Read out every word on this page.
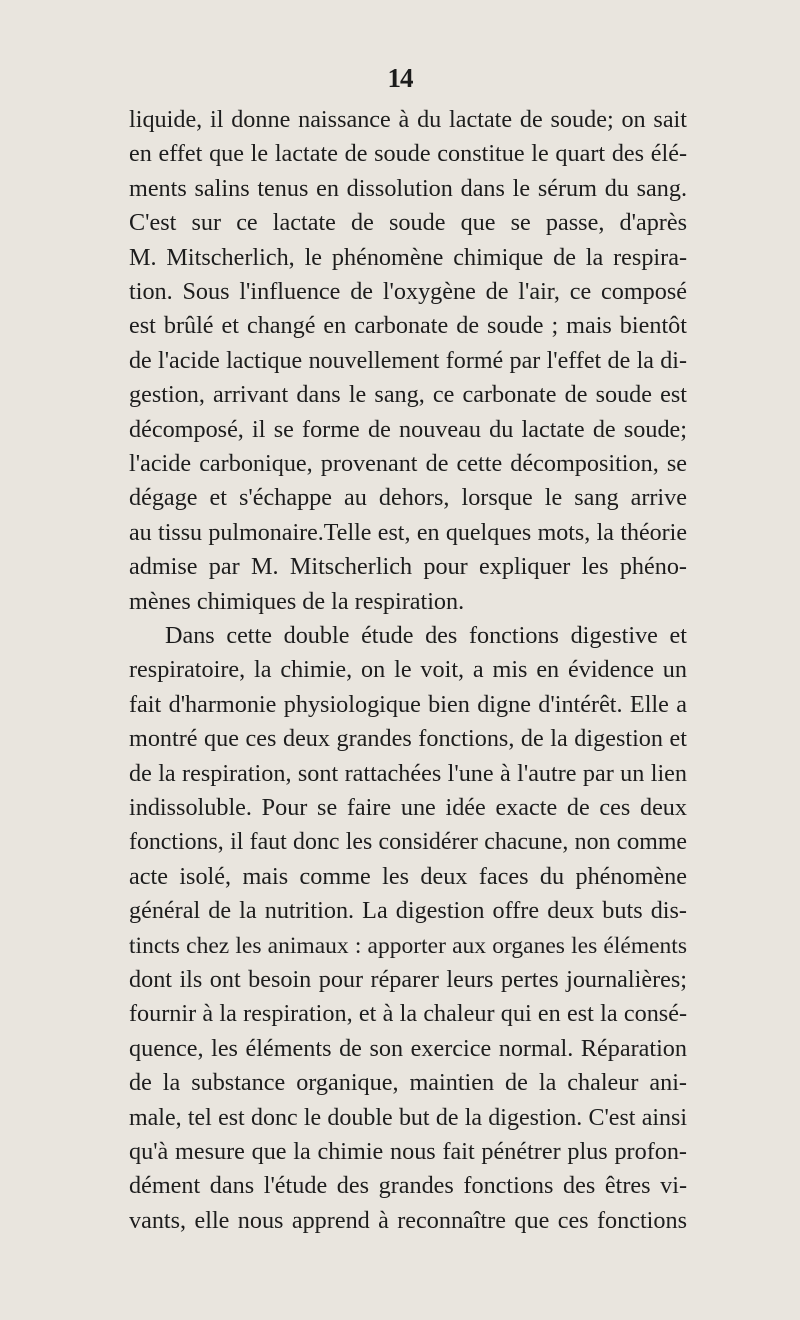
14
liquide, il donne naissance à du lactate de soude; on sait
en effet que le lactate de soude constitue le quart des élé-
ments salins tenus en dissolution dans le sérum du sang.
C'est sur ce lactate de soude que se passe, d'après
M. Mitscherlich, le phénomène chimique de la respira-
tion. Sous l'influence de l'oxygène de l'air, ce composé
est brûlé et changé en carbonate de soude ; mais bientôt
de l'acide lactique nouvellement formé par l'effet de la di-
gestion, arrivant dans le sang, ce carbonate de soude est
décomposé, il se forme de nouveau du lactate de soude;
l'acide carbonique, provenant de cette décomposition, se
dégage et s'échappe au dehors, lorsque le sang arrive
au tissu pulmonaire.Telle est, en quelques mots, la théorie
admise par M. Mitscherlich pour expliquer les phéno-
mènes chimiques de la respiration.
Dans cette double étude des fonctions digestive et
respiratoire, la chimie, on le voit, a mis en évidence un
fait d'harmonie physiologique bien digne d'intérêt. Elle a
montré que ces deux grandes fonctions, de la digestion et
de la respiration, sont rattachées l'une à l'autre par un lien
indissoluble. Pour se faire une idée exacte de ces deux
fonctions, il faut donc les considérer chacune, non comme
acte isolé, mais comme les deux faces du phénomène
général de la nutrition. La digestion offre deux buts dis-
tincts chez les animaux : apporter aux organes les éléments
dont ils ont besoin pour réparer leurs pertes journalières;
fournir à la respiration, et à la chaleur qui en est la consé-
quence, les éléments de son exercice normal. Réparation
de la substance organique, maintien de la chaleur ani-
male, tel est donc le double but de la digestion. C'est ainsi
qu'à mesure que la chimie nous fait pénétrer plus profon-
dément dans l'étude des grandes fonctions des êtres vi-
vants, elle nous apprend à reconnaître que ces fonctions
